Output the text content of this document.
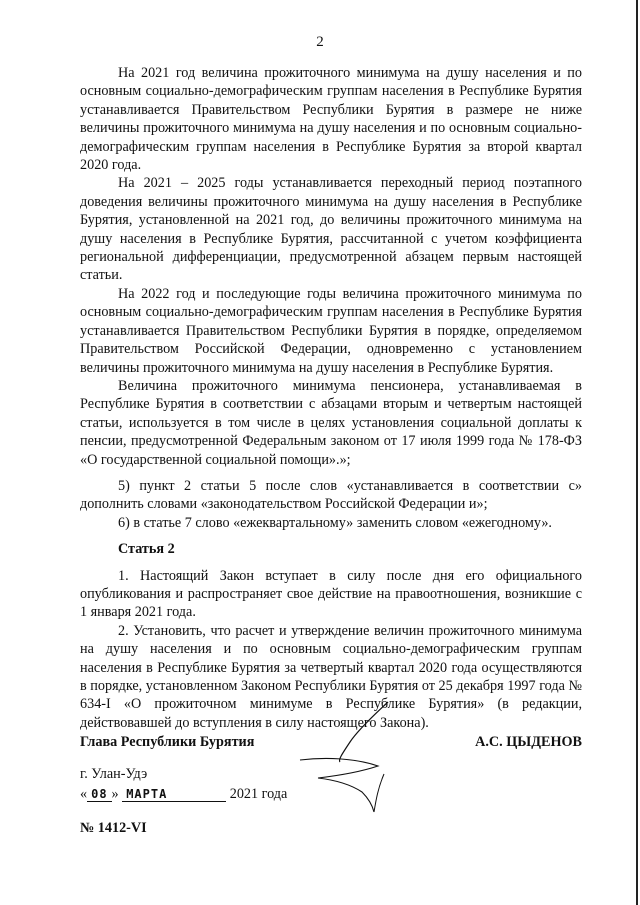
2

На 2021 год величина прожиточного минимума на душу населения и по основным социально-демографическим группам населения в Республике Бурятия устанавливается Правительством Республики Бурятия в размере не ниже величины прожиточного минимума на душу населения и по основным социально-демографическим группам населения в Республике Бурятия за второй квартал 2020 года.

На 2021 – 2025 годы устанавливается переходный период поэтапного доведения величины прожиточного минимума на душу населения в Республике Бурятия, установленной на 2021 год, до величины прожиточного минимума на душу населения в Республике Бурятия, рассчитанной с учетом коэффициента региональной дифференциации, предусмотренной абзацем первым настоящей статьи.

На 2022 год и последующие годы величина прожиточного минимума по основным социально-демографическим группам населения в Республике Бурятия устанавливается Правительством Республики Бурятия в порядке, определяемом Правительством Российской Федерации, одновременно с установлением величины прожиточного минимума на душу населения в Республике Бурятия.

Величина прожиточного минимума пенсионера, устанавливаемая в Республике Бурятия в соответствии с абзацами вторым и четвертым настоящей статьи, используется в том числе в целях установления социальной доплаты к пенсии, предусмотренной Федеральным законом от 17 июля 1999 года № 178-ФЗ «О государственной социальной помощи».»;

5) пункт 2 статьи 5 после слов «устанавливается в соответствии с» дополнить словами «законодательством Российской Федерации и»;

6) в статье 7 слово «ежеквартальному» заменить словом «ежегодному».

Статья 2

1. Настоящий Закон вступает в силу после дня его официального опубликования и распространяет свое действие на правоотношения, возникшие с 1 января 2021 года.

2. Установить, что расчет и утверждение величин прожиточного минимума на душу населения и по основным социально-демографическим группам населения в Республике Бурятия за четвертый квартал 2020 года осуществляются в порядке, установленном Законом Республики Бурятия от 25 декабря 1997 года № 634-I «О прожиточном минимуме в Республике Бурятия» (в редакции, действовавшей до вступления в силу настоящего Закона).

Глава Республики Бурятия	А.С. ЦЫДЕНОВ
г. Улан-Удэ
« 08 » МАРТА	2021 года
№ 1412-VI
